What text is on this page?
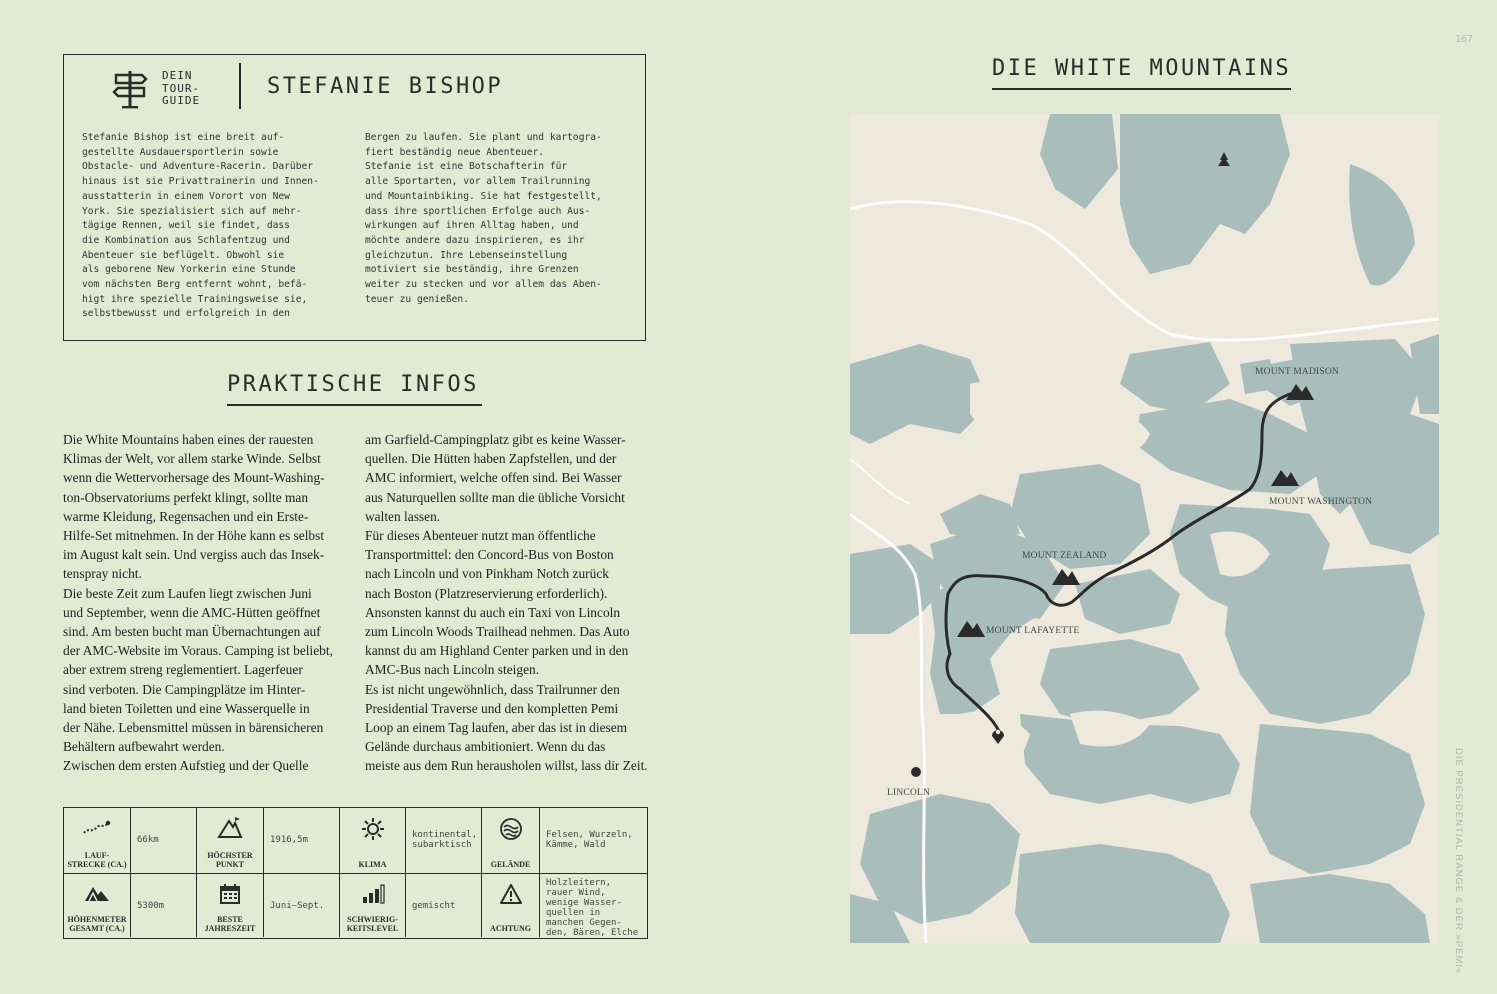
DEIN
TOUR-
GUIDE
STEFANIE BISHOP
Stefanie Bishop ist eine breit auf-
gestellte Ausdauersportlerin sowie
Obstacle- und Adventure-Racerin. Darüber
hinaus ist sie Privattrainerin und Innen-
ausstatterin in einem Vorort von New
York. Sie spezialisiert sich auf mehr-
tägige Rennen, weil sie findet, dass
die Kombination aus Schlafentzug und
Abenteuer sie beflügelt. Obwohl sie
als geborene New Yorkerin eine Stunde
vom nächsten Berg entfernt wohnt, befä-
higt ihre spezielle Trainingsweise sie,
selbstbewusst und erfolgreich in den
Bergen zu laufen. Sie plant und kartogra-
fiert beständig neue Abenteuer.
Stefanie ist eine Botschafterin für
alle Sportarten, vor allem Trailrunning
und Mountainbiking. Sie hat festgestellt,
dass ihre sportlichen Erfolge auch Aus-
wirkungen auf ihren Alltag haben, und
möchte andere dazu inspirieren, es ihr
gleichzutun. Ihre Lebenseinstellung
motiviert sie beständig, ihre Grenzen
weiter zu stecken und vor allem das Aben-
teuer zu genießen.
PRAKTISCHE INFOS
Die White Mountains haben eines der rauesten
Klimas der Welt, vor allem starke Winde. Selbst
wenn die Wettervorhersage des Mount-Washing-
ton-Observatoriums perfekt klingt, sollte man
warme Kleidung, Regensachen und ein Erste-
Hilfe-Set mitnehmen. In der Höhe kann es selbst
im August kalt sein. Und vergiss auch das Insek-
tenspray nicht.
Die beste Zeit zum Laufen liegt zwischen Juni
und September, wenn die AMC-Hütten geöffnet
sind. Am besten bucht man Übernachtungen auf
der AMC-Website im Voraus. Camping ist beliebt,
aber extrem streng reglementiert. Lagerfeuer
sind verboten. Die Campingplätze im Hinter-
land bieten Toiletten und eine Wasserquelle in
der Nähe. Lebensmittel müssen in bärensicheren
Behältern aufbewahrt werden.
Zwischen dem ersten Aufstieg und der Quelle
am Garfield-Campingplatz gibt es keine Wasser-
quellen. Die Hütten haben Zapfstellen, und der
AMC informiert, welche offen sind. Bei Wasser
aus Naturquellen sollte man die übliche Vorsicht
walten lassen.
Für dieses Abenteuer nutzt man öffentliche
Transportmittel: den Concord-Bus von Boston
nach Lincoln und von Pinkham Notch zurück
nach Boston (Platzreservierung erforderlich).
Ansonsten kannst du auch ein Taxi von Lincoln
zum Lincoln Woods Trailhead nehmen. Das Auto
kannst du am Highland Center parken und in den
AMC-Bus nach Lincoln steigen.
Es ist nicht ungewöhnlich, dass Trailrunner den
Presidential Traverse und den kompletten Pemi
Loop an einem Tag laufen, aber das ist in diesem
Gelände durchaus ambitioniert. Wenn du das
meiste aus dem Run herausholen willst, lass dir Zeit.
LAUF-
STRECKE (CA.)
66km
HÖCHSTER
PUNKT
1916,5m
KLIMA
kontinental,
subarktisch
GELÄNDE
Felsen, Wurzeln,
Kämme, Wald
HÖHENMETER
GESAMT (CA.)
5300m
BESTE
JAHRESZEIT
Juni–Sept.
SCHWIERIG-
KEITSLEVEL
gemischt
ACHTUNG
Holzleitern,
rauer Wind,
wenige Wasser-
quellen in
manchen Gegen-
den, Bären, Elche
167
DIE WHITE MOUNTAINS
MOUNT MADISON
MOUNT WASHINGTON
MOUNT ZEALAND
MOUNT LAFAYETTE
LINCOLN	DIE PRESIDENTIAL RANGE & DER »PEMI«
